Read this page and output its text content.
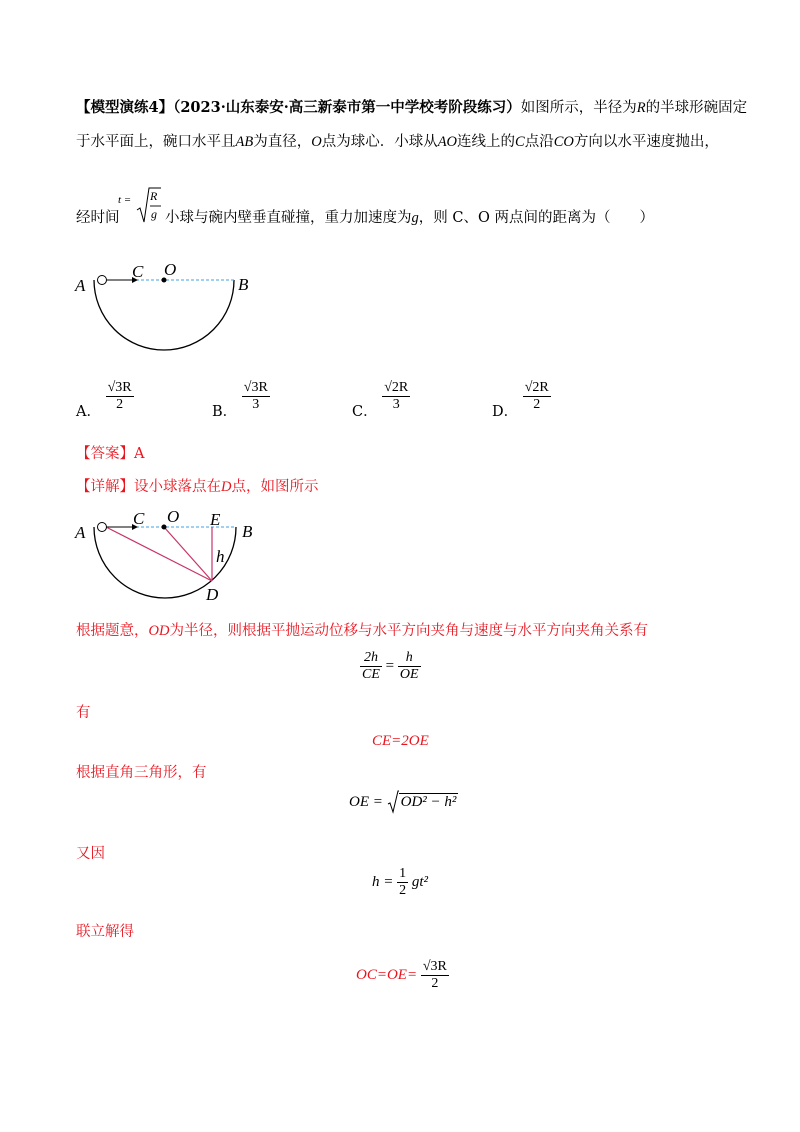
【模型演练4】（2023·山东泰安·高三新泰市第一中学校考阶段练习）如图所示，半径为R的半球形碗固定
于水平面上，碗口水平且AB为直径，O点为球心．小球从AO连线上的C点沿CO方向以水平速度抛出，
经时间
t = R
g 小球与碗内壁垂直碰撞，重力加速度为g，则 C、O 两点间的距离为（　　）
A
C O
B
A． $\frac{√3R}{2}$	B． $\frac{√3R}{3}$	C． $\frac{√2R}{3}$	D． $\frac{√2R}{2}$
【答案】A
【详解】设小球落点在D点，如图所示
A
C O E
B
h
D
根据题意，OD为半径，则根据平抛运动位移与水平方向夹角与速度与水平方向夹角关系有
$\frac{2h}{CE} = \frac{h}{OE}$
有
CE=2OE
根据直角三角形，有
OE = OD² − h²
又因
$h = \frac{1}{2} gt^2$
联立解得
$OC=OE= \frac{√3R}{2}$
